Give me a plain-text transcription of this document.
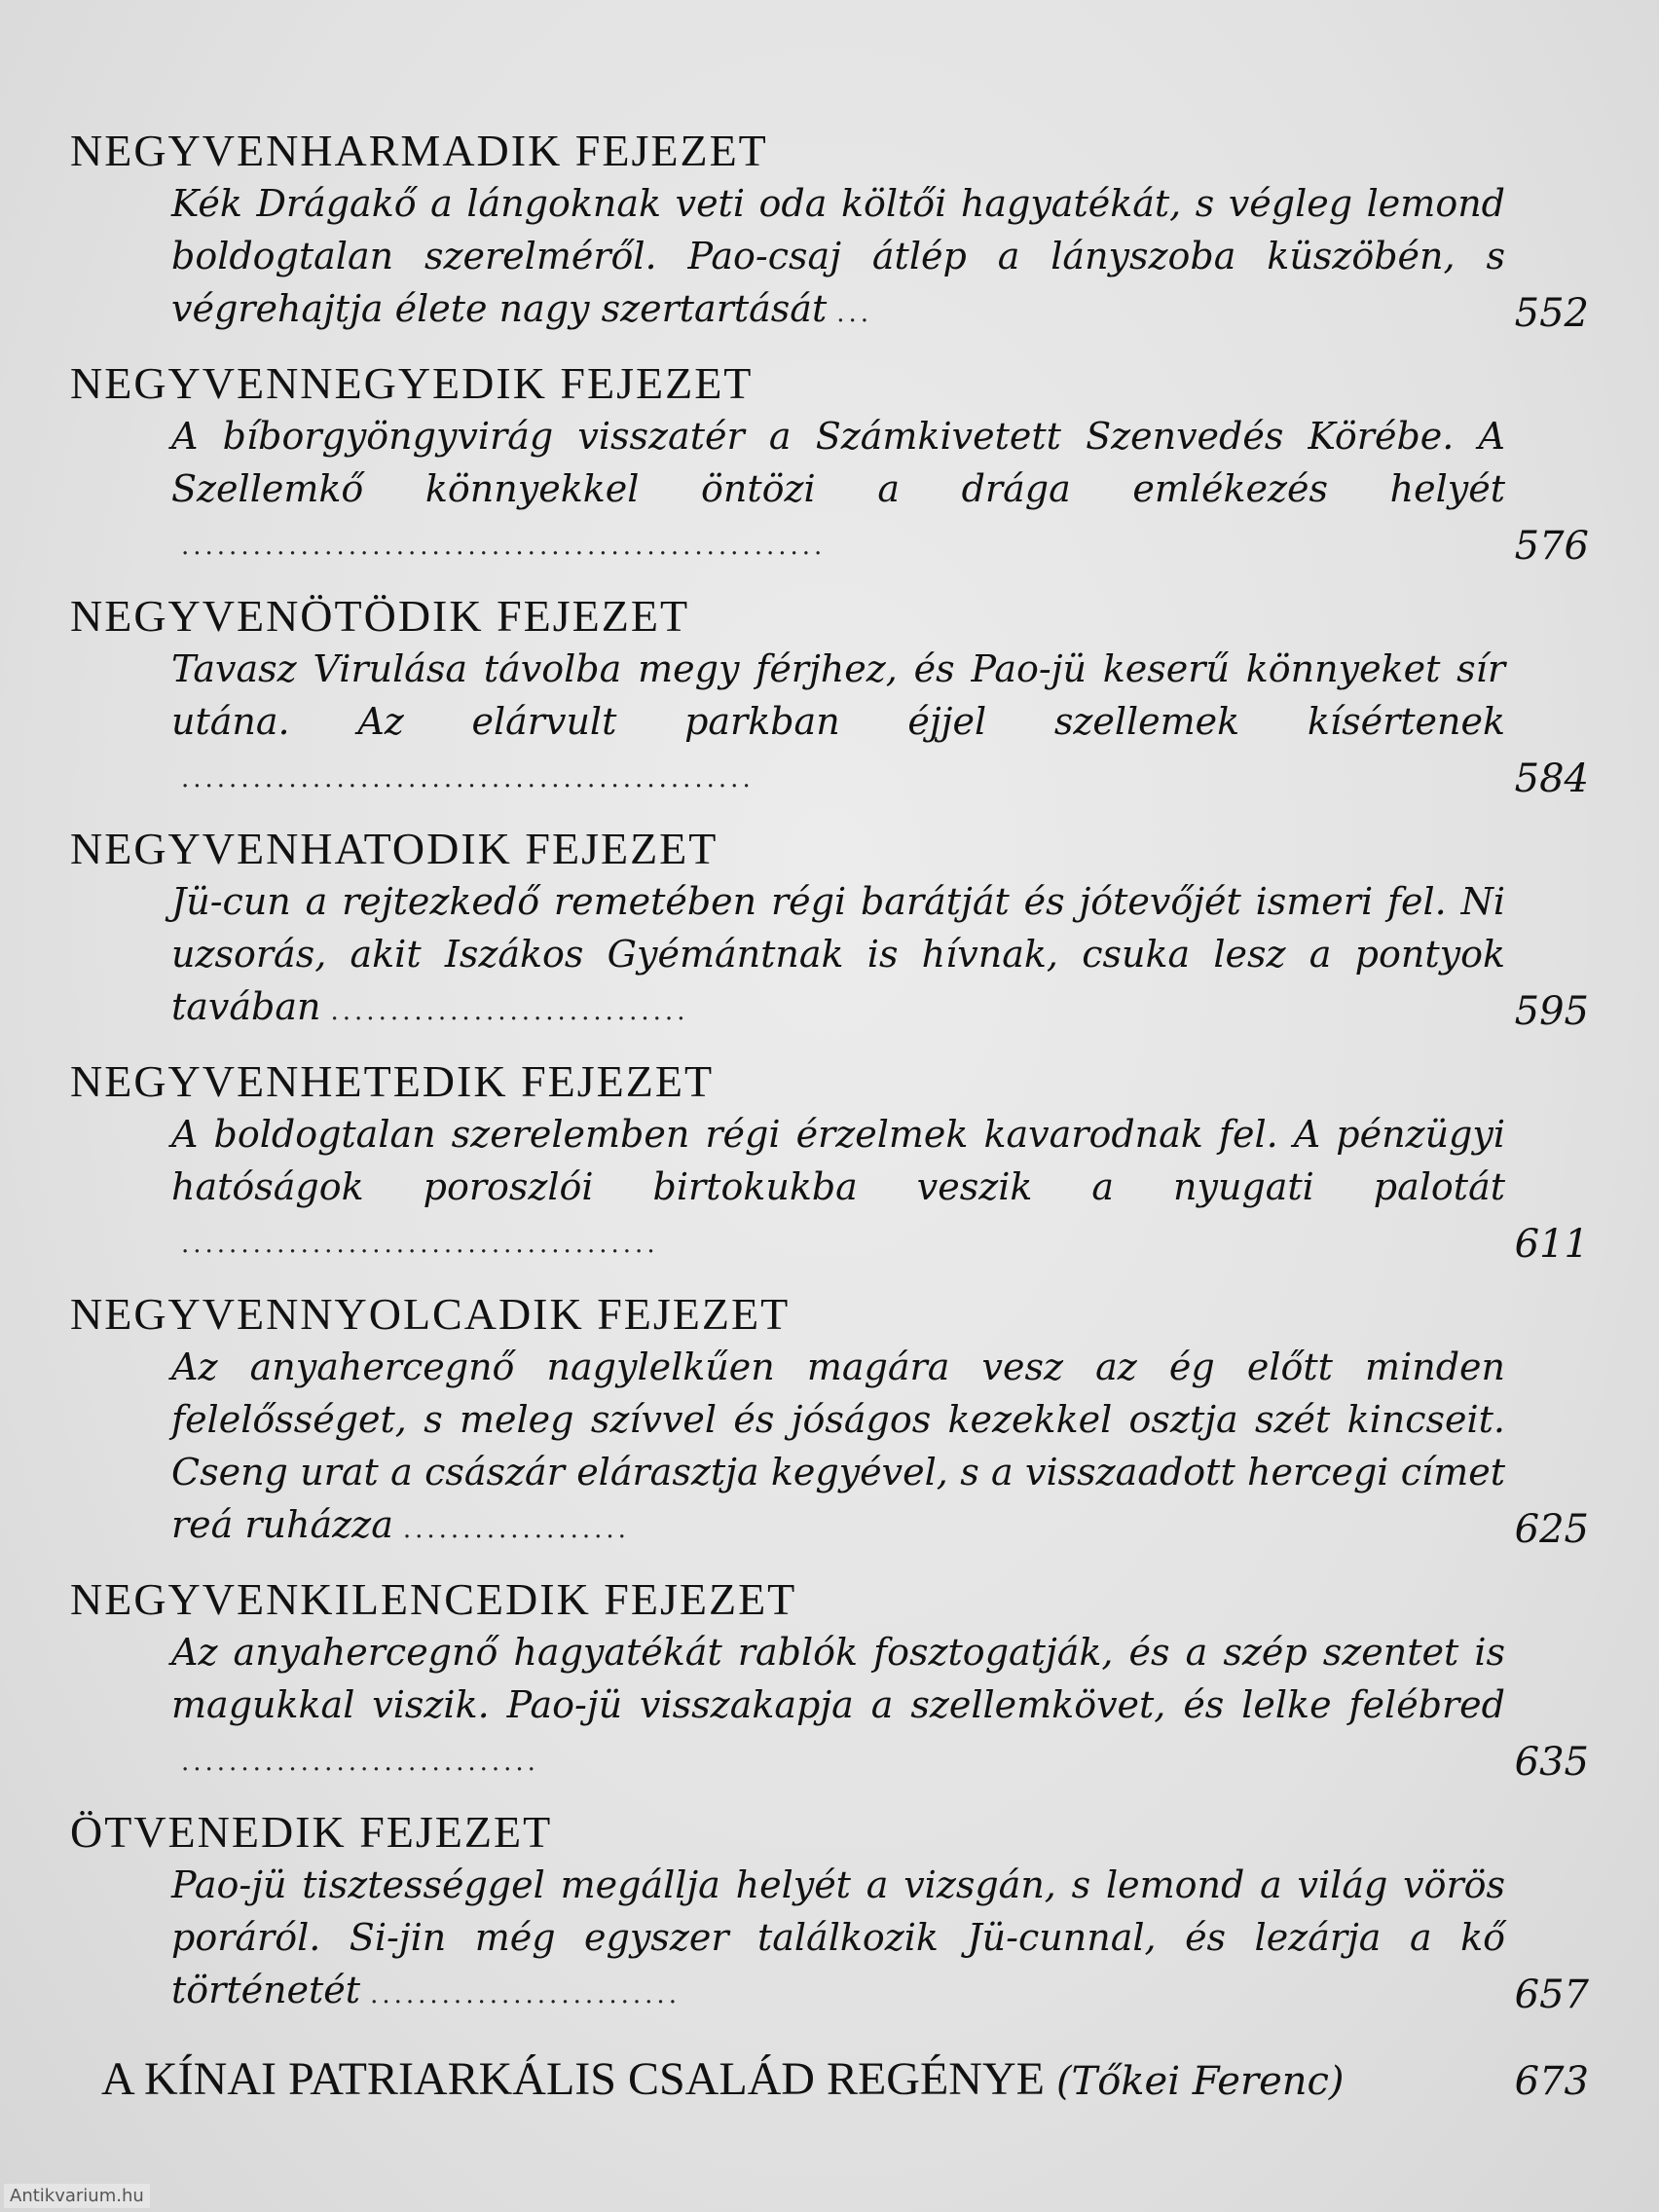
NEGYVENHARMADIK FEJEZET

Kék Drágakő a lángoknak veti oda költői hagyatékát, s végleg lemond boldogtalan szerelméről. Pao-csaj átlép a lányszoba küszöbén, s végrehajtja élete nagy szertartását ...	552

NEGYVENNEGYEDIK FEJEZET

A bíborgyöngyvirág visszatér a Számkivetett Szenvedés Körébe. A Szellemkő könnyekkel öntözi a drága emlékezés helyét......................................................	576

NEGYVENÖTÖDIK FEJEZET

Tavasz Virulása távolba megy férjhez, és Pao-jü keserű könnyeket sír utána. Az elárvult parkban éjjel szellemek kísértenek................................................	584

NEGYVENHATODIK FEJEZET

Jü-cun a rejtezkedő remetében régi barátját és jótevőjét ismeri fel. Ni uzsorás, akit Iszákos Gyémántnak is hívnak, csuka lesz a pontyok tavában ..............................	595

NEGYVENHETEDIK FEJEZET

A boldogtalan szerelemben régi érzelmek kavarodnak fel. A pénzügyi hatóságok poroszlói birtokukba veszik a nyugati palotát........................................	611

NEGYVENNYOLCADIK FEJEZET

Az anyahercegnő nagylelkűen magára vesz az ég előtt minden felelősséget, s meleg szívvel és jóságos kezekkel osztja szét kincseit. Cseng urat a császár elárasztja kegyével, s a visszaadott hercegi címet reá ruházza ...................	625

NEGYVENKILENCEDIK FEJEZET

Az anyahercegnő hagyatékát rablók fosztogatják, és a szép szentet is magukkal viszik. Pao-jü visszakapja a szellemkövet, és lelke felébred..............................	635

ÖTVENEDIK FEJEZET

Pao-jü tisztességgel megállja helyét a vizsgán, s lemond a világ vörös poráról. Si-jin még egyszer találkozik Jü-cunnal, és lezárja a kő történetét ..........................	657
A KÍNAI PATRIARKÁLIS CSALÁD REGÉNYE (Tőkei Ferenc)	673
Antikvarium.hu
